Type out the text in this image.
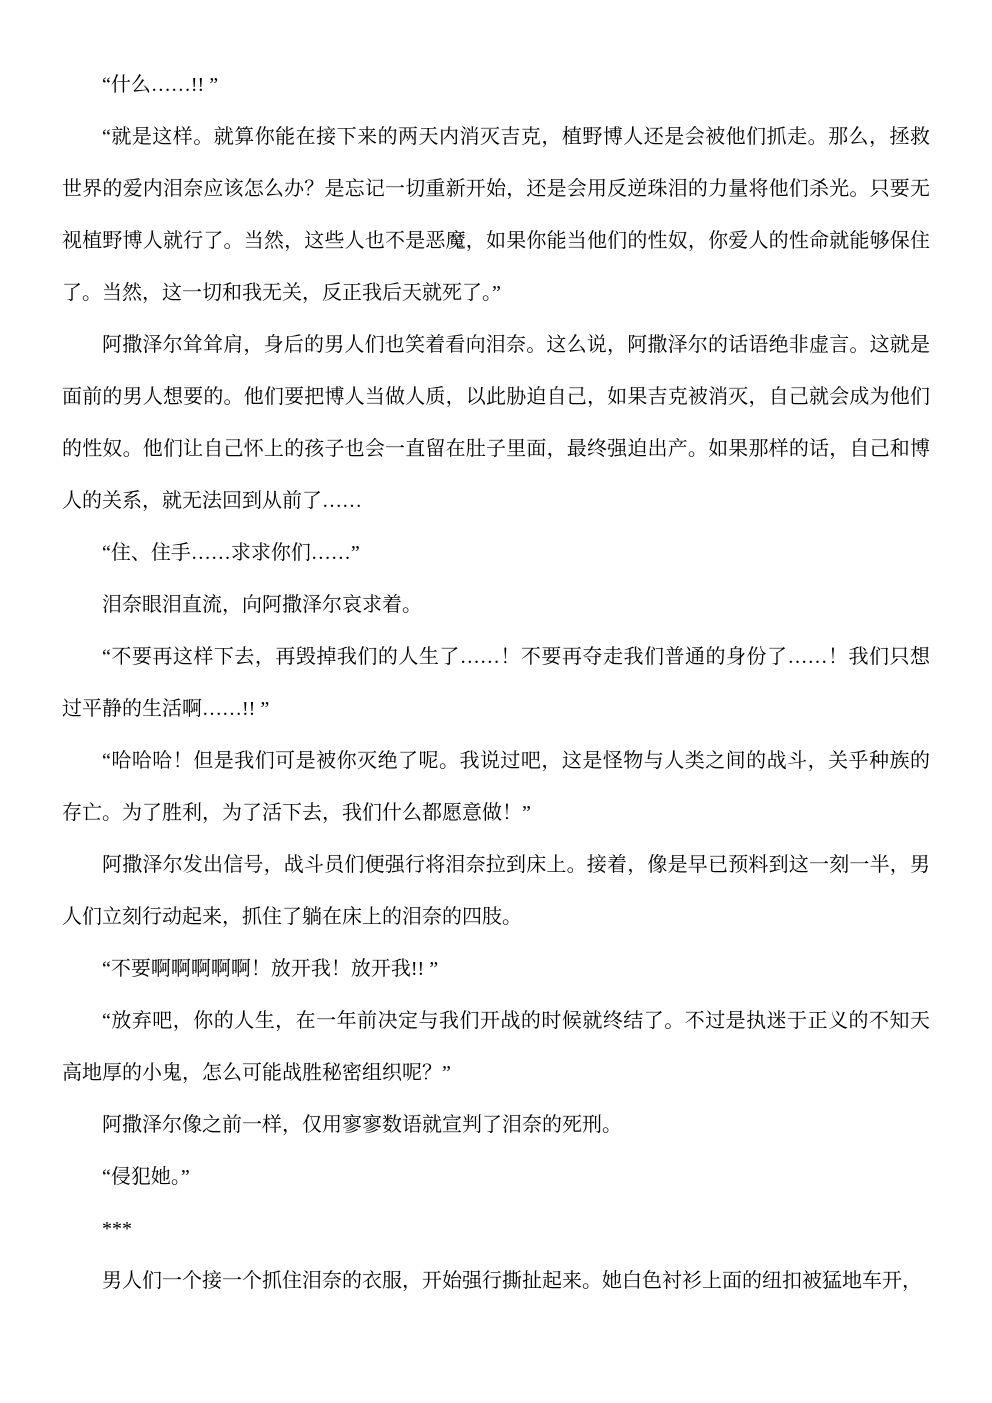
“什么……!! ”

“就是这样。就算你能在接下来的两天内消灭吉克，植野博人还是会被他们抓走。那么，拯救世界的爱内泪奈应该怎么办？是忘记一切重新开始，还是会用反逆珠泪的力量将他们杀光。只要无视植野博人就行了。当然，这些人也不是恶魔，如果你能当他们的性奴，你爱人的性命就能够保住了。当然，这一切和我无关，反正我后天就死了。”

阿撒泽尔耸耸肩，身后的男人们也笑着看向泪奈。这么说，阿撒泽尔的话语绝非虚言。这就是面前的男人想要的。他们要把博人当做人质，以此胁迫自己，如果吉克被消灭，自己就会成为他们的性奴。他们让自己怀上的孩子也会一直留在肚子里面，最终强迫出产。如果那样的话，自己和博人的关系，就无法回到从前了……

“住、住手……求求你们……”

泪奈眼泪直流，向阿撒泽尔哀求着。

“不要再这样下去，再毁掉我们的人生了……！不要再夺走我们普通的身份了……！我们只想过平静的生活啊……!! ”

“哈哈哈！但是我们可是被你灭绝了呢。我说过吧，这是怪物与人类之间的战斗，关乎种族的存亡。为了胜利，为了活下去，我们什么都愿意做！”

阿撒泽尔发出信号，战斗员们便强行将泪奈拉到床上。接着，像是早已预料到这一刻一半，男人们立刻行动起来，抓住了躺在床上的泪奈的四肢。

“不要啊啊啊啊啊！放开我！放开我!! ”

“放弃吧，你的人生，在一年前决定与我们开战的时候就终结了。不过是执迷于正义的不知天高地厚的小鬼，怎么可能战胜秘密组织呢？”

阿撒泽尔像之前一样，仅用寥寥数语就宣判了泪奈的死刑。

“侵犯她。”

***

男人们一个接一个抓住泪奈的衣服，开始强行撕扯起来。她白色衬衫上面的纽扣被猛地车开，
